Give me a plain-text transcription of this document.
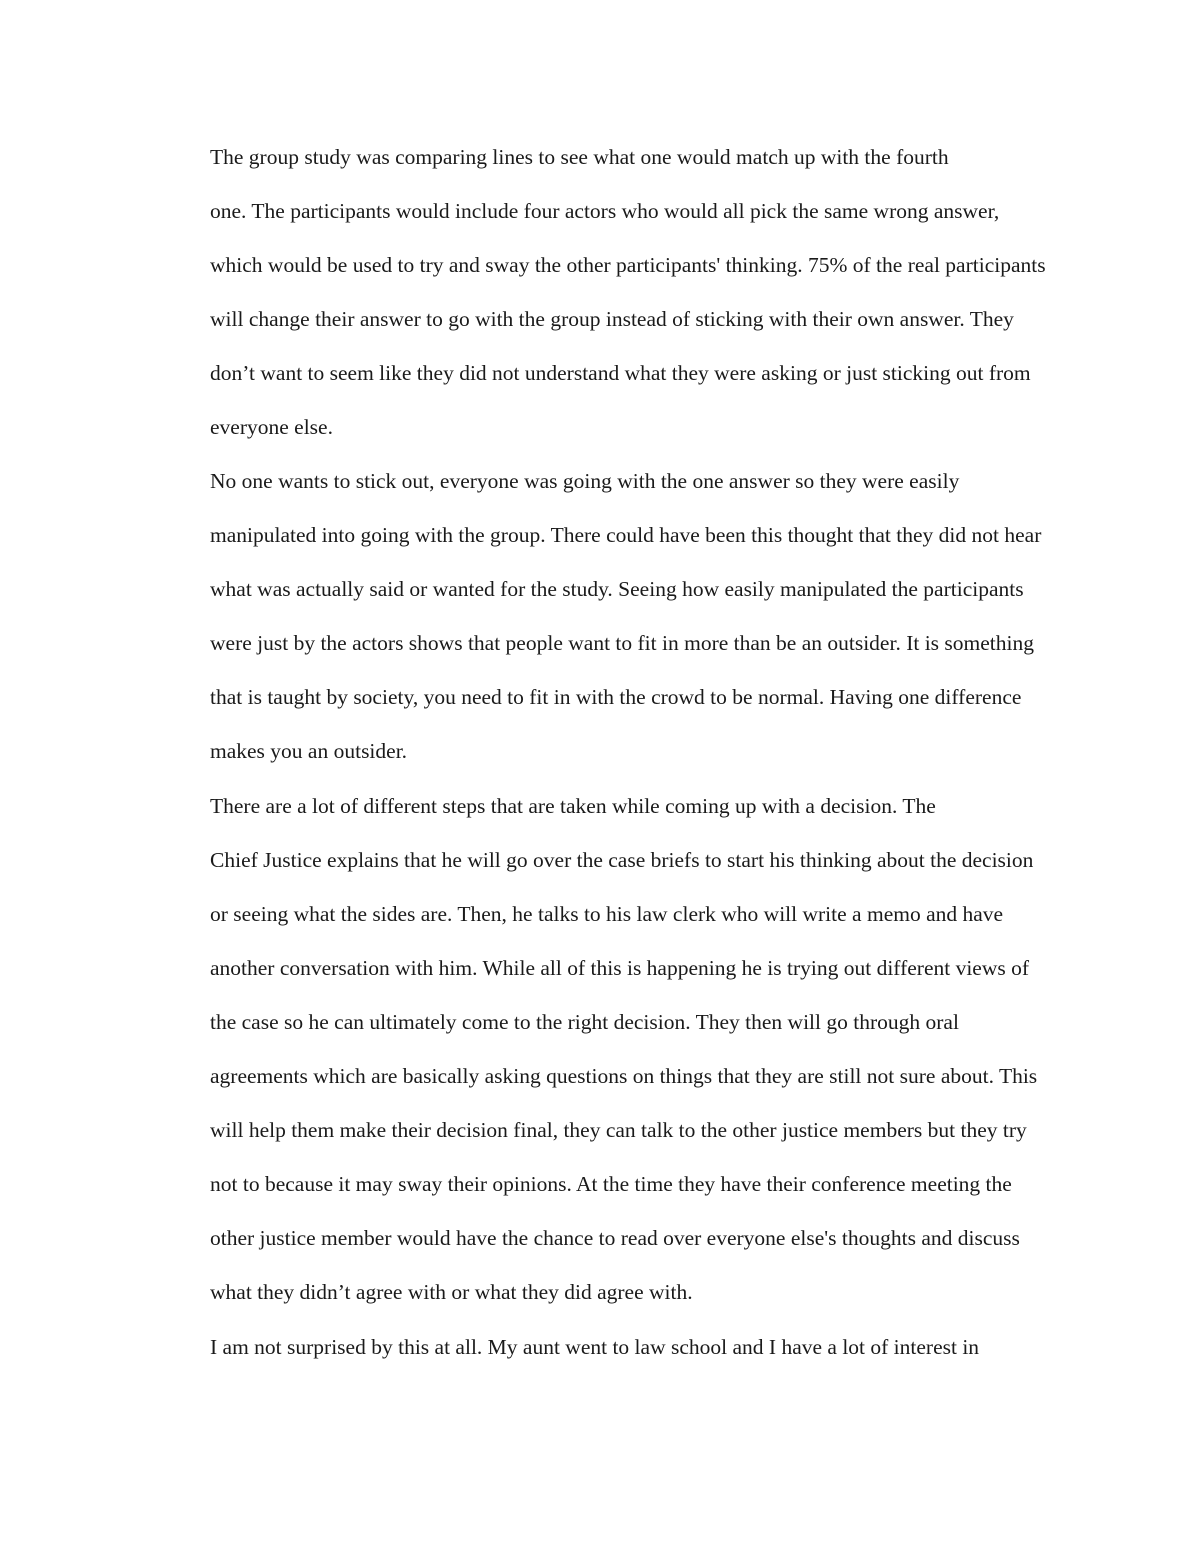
The group study was comparing lines to see what one would match up with the fourth
one. The participants would include four actors who would all pick the same wrong answer,
which would be used to try and sway the other participants' thinking. 75% of the real participants
will change their answer to go with the group instead of sticking with their own answer. They
don’t want to seem like they did not understand what they were asking or just sticking out from
everyone else.

No one wants to stick out, everyone was going with the one answer so they were easily
manipulated into going with the group. There could have been this thought that they did not hear
what was actually said or wanted for the study. Seeing how easily manipulated the participants
were just by the actors shows that people want to fit in more than be an outsider. It is something
that is taught by society, you need to fit in with the crowd to be normal. Having one difference
makes you an outsider.

There are a lot of different steps that are taken while coming up with a decision. The
Chief Justice explains that he will go over the case briefs to start his thinking about the decision
or seeing what the sides are. Then, he talks to his law clerk who will write a memo and have
another conversation with him. While all of this is happening he is trying out different views of
the case so he can ultimately come to the right decision. They then will go through oral
agreements which are basically asking questions on things that they are still not sure about. This
will help them make their decision final, they can talk to the other justice members but they try
not to because it may sway their opinions. At the time they have their conference meeting the
other justice member would have the chance to read over everyone else's thoughts and discuss
what they didn’t agree with or what they did agree with.

I am not surprised by this at all. My aunt went to law school and I have a lot of interest in
